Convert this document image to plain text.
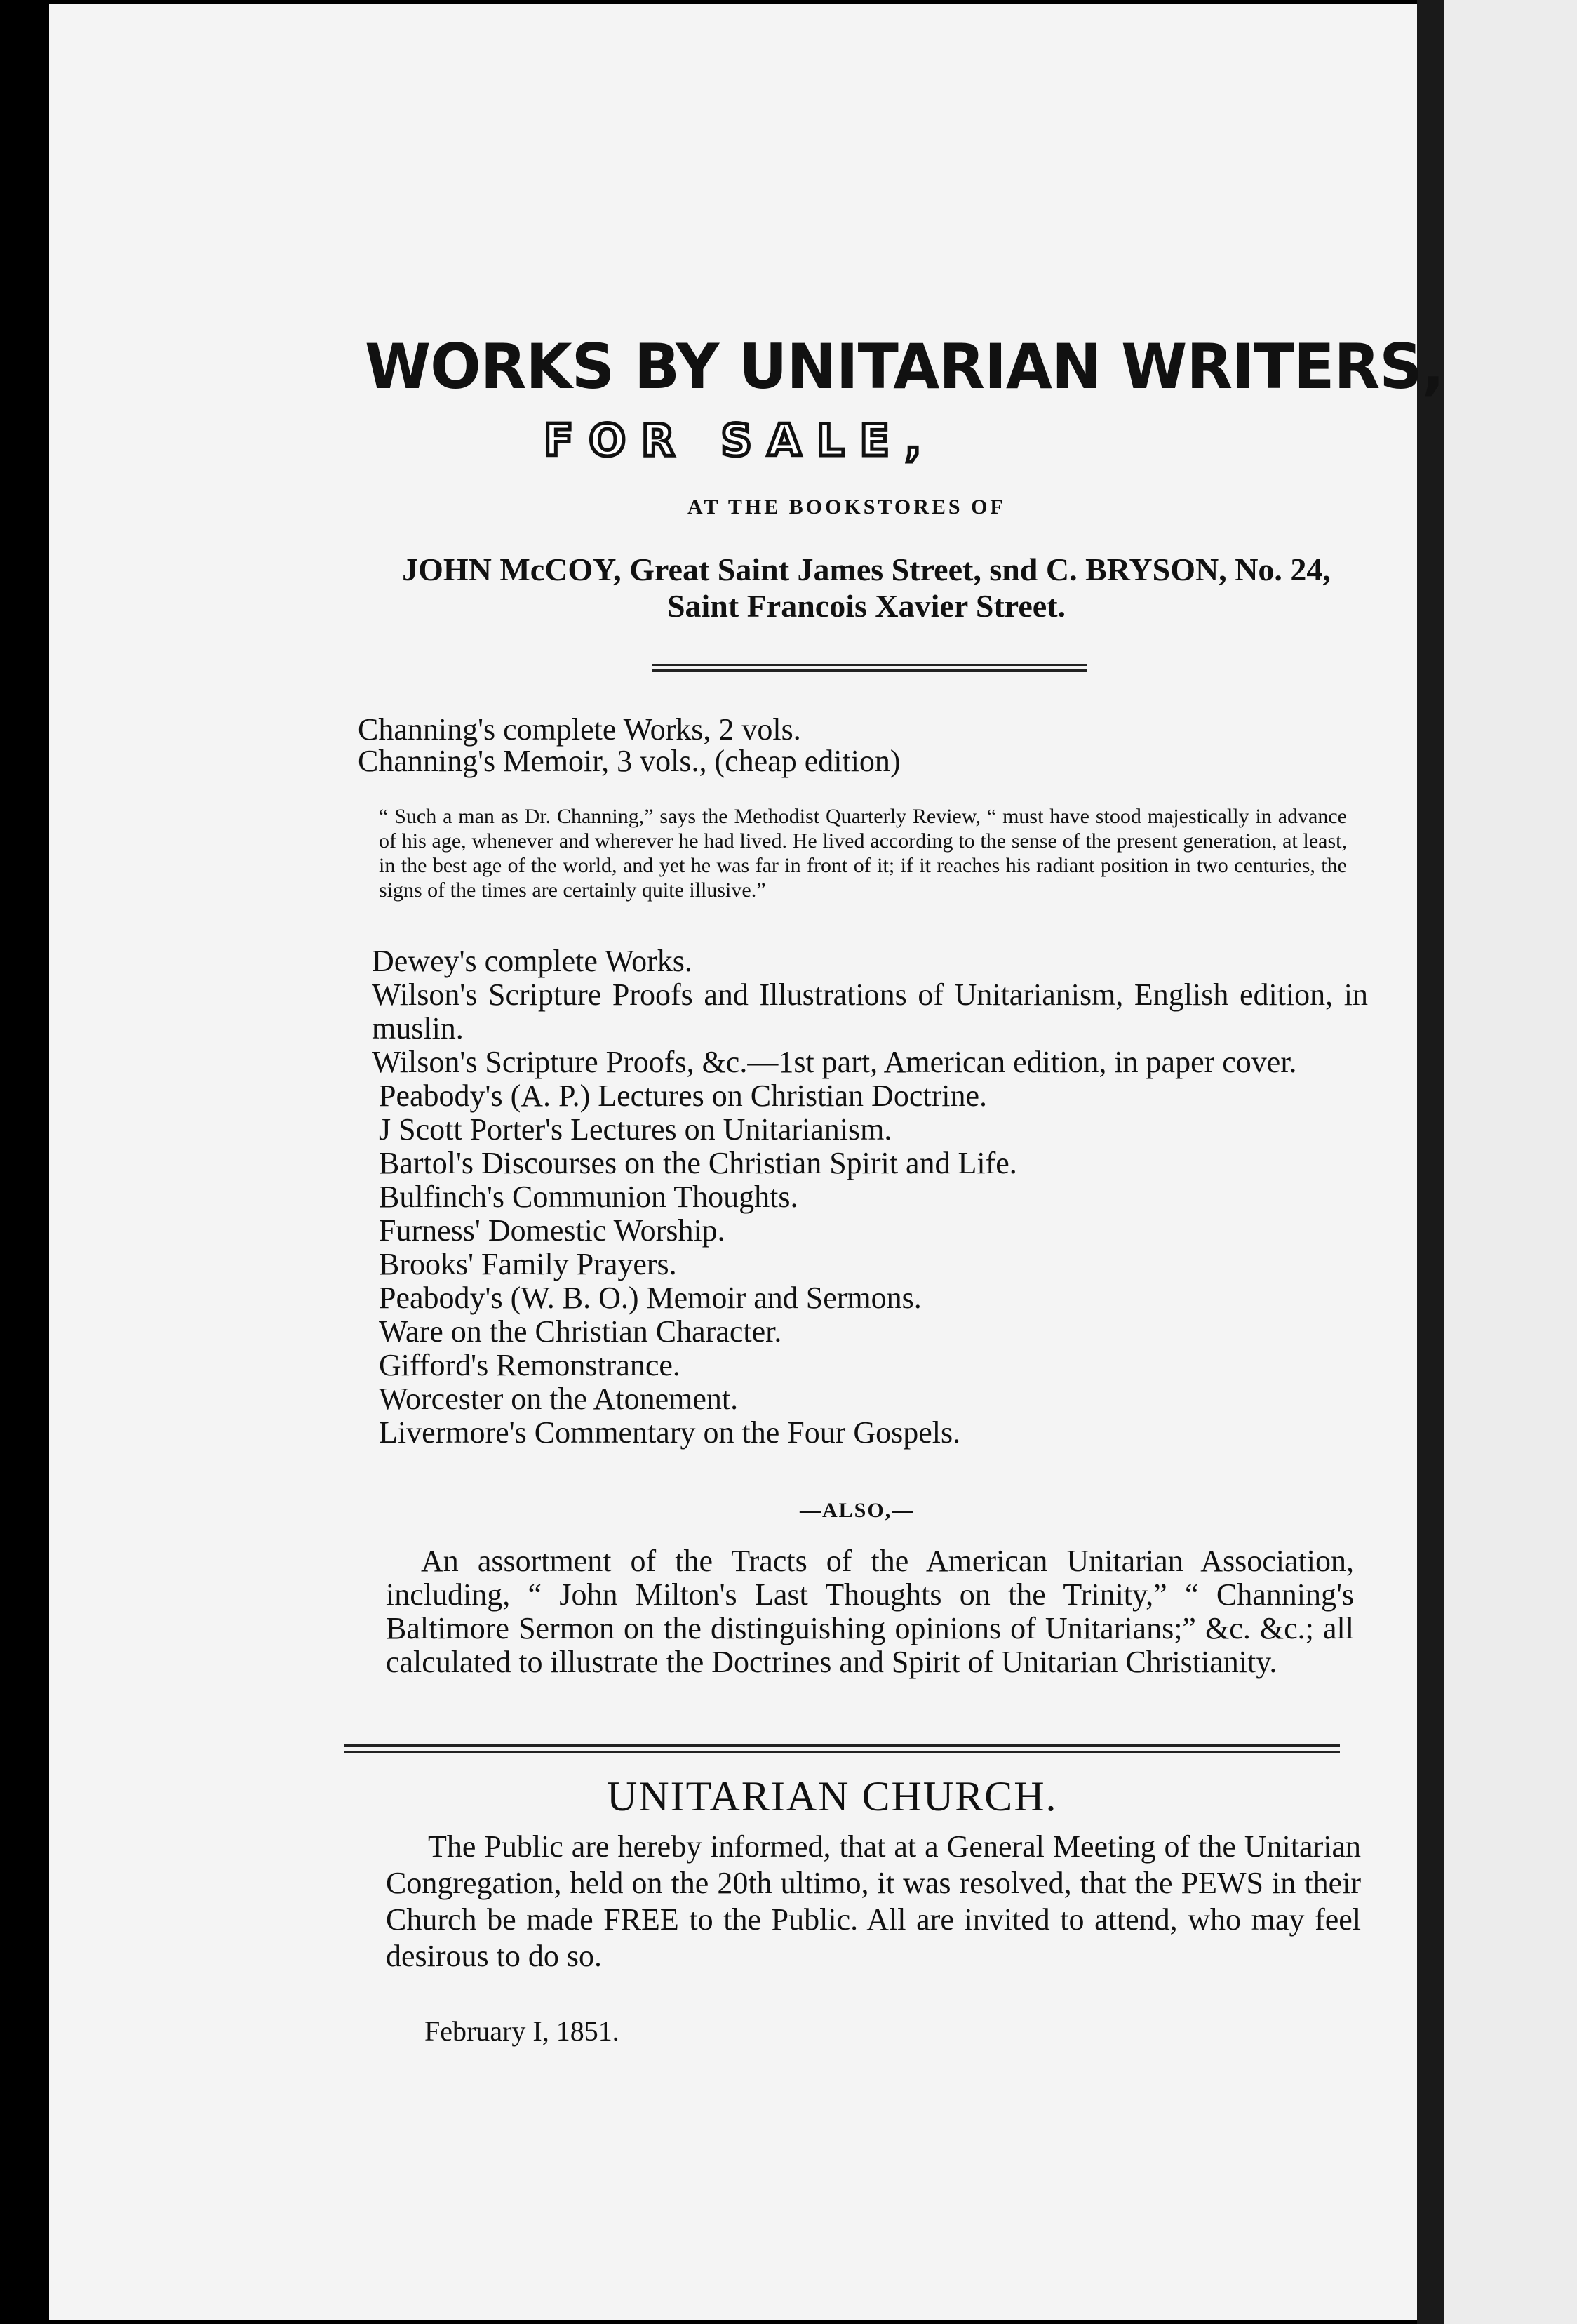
WORKS BY UNITARIAN WRITERS,
FOR SALE,
AT THE BOOKSTORES OF
JOHN McCOY, Great Saint James Street, snd C. BRYSON, No. 24, Saint Francois Xavier Street.
Channing's complete Works, 2 vols.
Channing's Memoir, 3 vols., (cheap edition)
“ Such a man as Dr. Channing,” says the Methodist Quarterly Review, “ must have stood majestically in advance of his age, whenever and wherever he had lived. He lived according to the sense of the present generation, at least, in the best age of the world, and yet he was far in front of it; if it reaches his radiant position in two centuries, the signs of the times are certainly quite illusive.”
Dewey's complete Works.
Wilson's Scripture Proofs and Illustrations of Unitarianism, English edition, in muslin.
Wilson's Scripture Proofs, &c.—1st part, American edition, in paper cover.
Peabody's (A. P.) Lectures on Christian Doctrine.
J Scott Porter's Lectures on Unitarianism.
Bartol's Discourses on the Christian Spirit and Life.
Bulfinch's Communion Thoughts.
Furness' Domestic Worship.
Brooks' Family Prayers.
Peabody's (W. B. O.) Memoir and Sermons.
Ware on the Christian Character.
Gifford's Remonstrance.
Worcester on the Atonement.
Livermore's Commentary on the Four Gospels.
—ALSO,—
An assortment of the Tracts of the American Unitarian Association, including, “ John Milton's Last Thoughts on the Trinity,” “ Channing's Baltimore Sermon on the distinguishing opinions of Unitarians;” &c. &c.; all calculated to illustrate the Doctrines and Spirit of Unitarian Christianity.
UNITARIAN CHURCH.
The Public are hereby informed, that at a General Meeting of the Unitarian Congregation, held on the 20th ultimo, it was resolved, that the PEWS in their Church be made FREE to the Public. All are invited to attend, who may feel desirous to do so.
February I, 1851.
